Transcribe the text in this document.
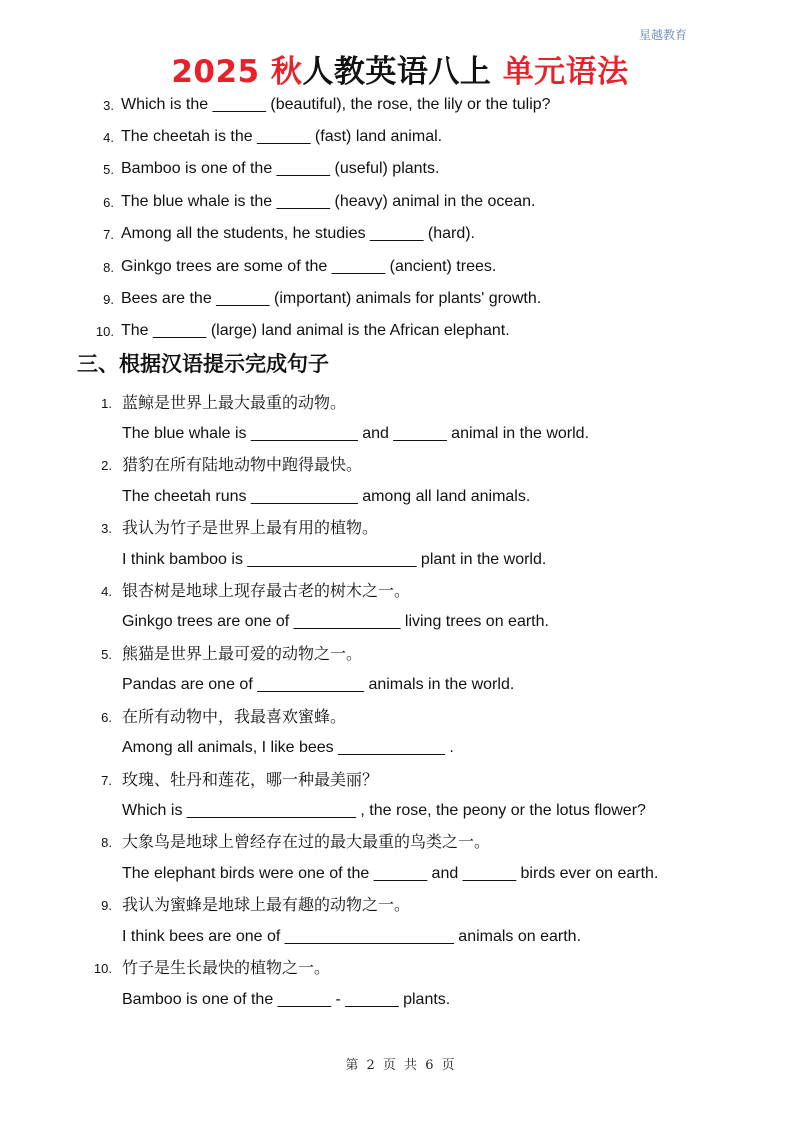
星越教育
2025 秋人教英语八上 单元语法
3. Which is the ______ (beautiful), the rose, the lily or the tulip?
4. The cheetah is the ______ (fast) land animal.
5. Bamboo is one of the ______ (useful) plants.
6. The blue whale is the ______ (heavy) animal in the ocean.
7. Among all the students, he studies ______ (hard).
8. Ginkgo trees are some of the ______ (ancient) trees.
9. Bees are the ______ (important) animals for plants' growth.
10. The ______ (large) land animal is the African elephant.
三、根据汉语提示完成句子
1. 蓝鲸是世界上最大最重的动物。
The blue whale is ____________ and ______ animal in the world.
2. 猎豹在所有陆地动物中跑得最快。
The cheetah runs ____________ among all land animals.
3. 我认为竹子是世界上最有用的植物。
I think bamboo is ___________________ plant in the world.
4. 银杏树是地球上现存最古老的树木之一。
Ginkgo trees are one of ____________ living trees on earth.
5. 熊猫是世界上最可爱的动物之一。
Pandas are one of ____________ animals in the world.
6. 在所有动物中，我最喜欢蜜蜂。
Among all animals, I like bees ____________ .
7. 玫瑰、牡丹和莲花，哪一种最美丽？
Which is ___________________ , the rose, the peony or the lotus flower?
8. 大象鸟是地球上曾经存在过的最大最重的鸟类之一。
The elephant birds were one of the ______ and ______ birds ever on earth.
9. 我认为蜜蜂是地球上最有趣的动物之一。
I think bees are one of ___________________ animals on earth.
10. 竹子是生长最快的植物之一。
Bamboo is one of the ______ - ______ plants.
第 2 页 共 6 页
